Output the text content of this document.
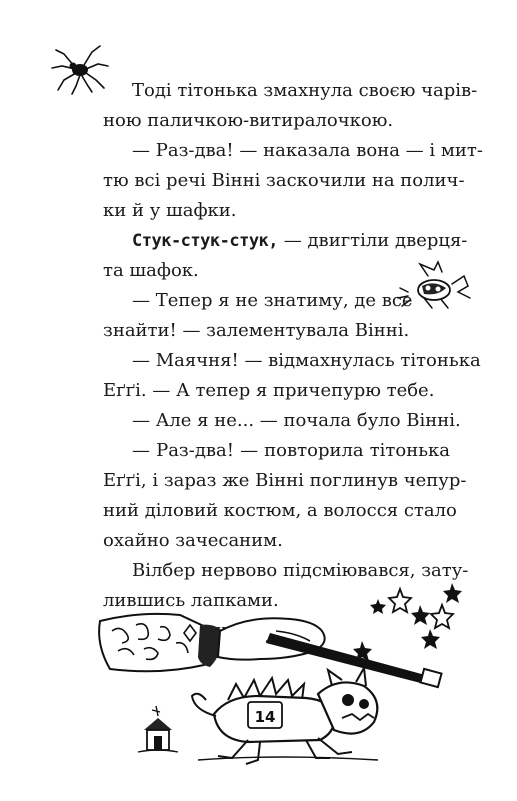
Тоді тітонька змахнула своєю чарів-
ною паличкою-витиралочкою.
— Раз-два! — наказала вона — і мит-
тю всі речі Вінні заскочили на полич-
ки й у шафки.
Стук-стук-стук, — двигтіли дверця-
та шафок.
— Тепер я не знатиму, де все
знайти! — залементувала Вінні.
— Маячня! — відмахнулась тітонька
Еґґі. — А тепер я причепурю тебе.
— Але я не... — почала було Вінні.
— Раз-два! — повторила тітонька
Еґґі, і зараз же Вінні поглинув чепур-
ний діловий костюм, а волосся стало
охайно зачесаним.
Вілбер нервово підсміювався, зату-
лившись лапками.
14
